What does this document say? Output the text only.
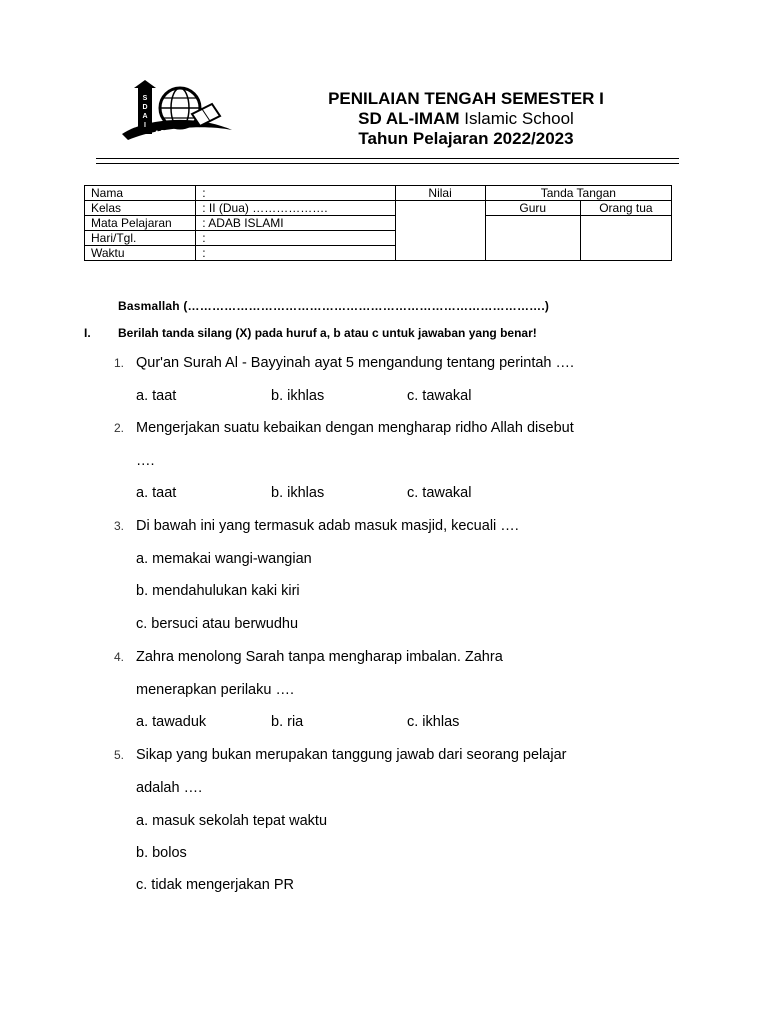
S
D
A
I
Al Imam
PENILAIAN TENGAH SEMESTER I
SD AL-IMAM Islamic School
Tahun Pelajaran 2022/2023
Nama	:	Nilai	Tanda Tangan	
Kelas	: II (Dua) ……………….		Guru	Orang tua
Mata Pelajaran	: ADAB ISLAMI			
Hari/Tgl.	:			
Waktu	:			
Basmallah (…………………………………………………………………………….)
I. Berilah tanda silang (X) pada huruf a, b atau c untuk jawaban yang benar!
1. Qur'an Surah Al - Bayyinah ayat 5 mengandung tentang perintah ….
a. taat	b. ikhlas	c. tawakal
2. Mengerjakan suatu kebaikan dengan mengharap ridho Allah disebut
….
a. taat	b. ikhlas	c. tawakal
3. Di bawah ini yang termasuk adab masuk masjid, kecuali ….
a. memakai wangi-wangian
b. mendahulukan kaki kiri
c. bersuci atau berwudhu
4. Zahra menolong Sarah tanpa mengharap imbalan. Zahra
menerapkan perilaku ….
a. tawaduk	b. ria	c. ikhlas
5. Sikap yang bukan merupakan tanggung jawab dari seorang pelajar
adalah ….
a. masuk sekolah tepat waktu
b. bolos
c. tidak mengerjakan PR
